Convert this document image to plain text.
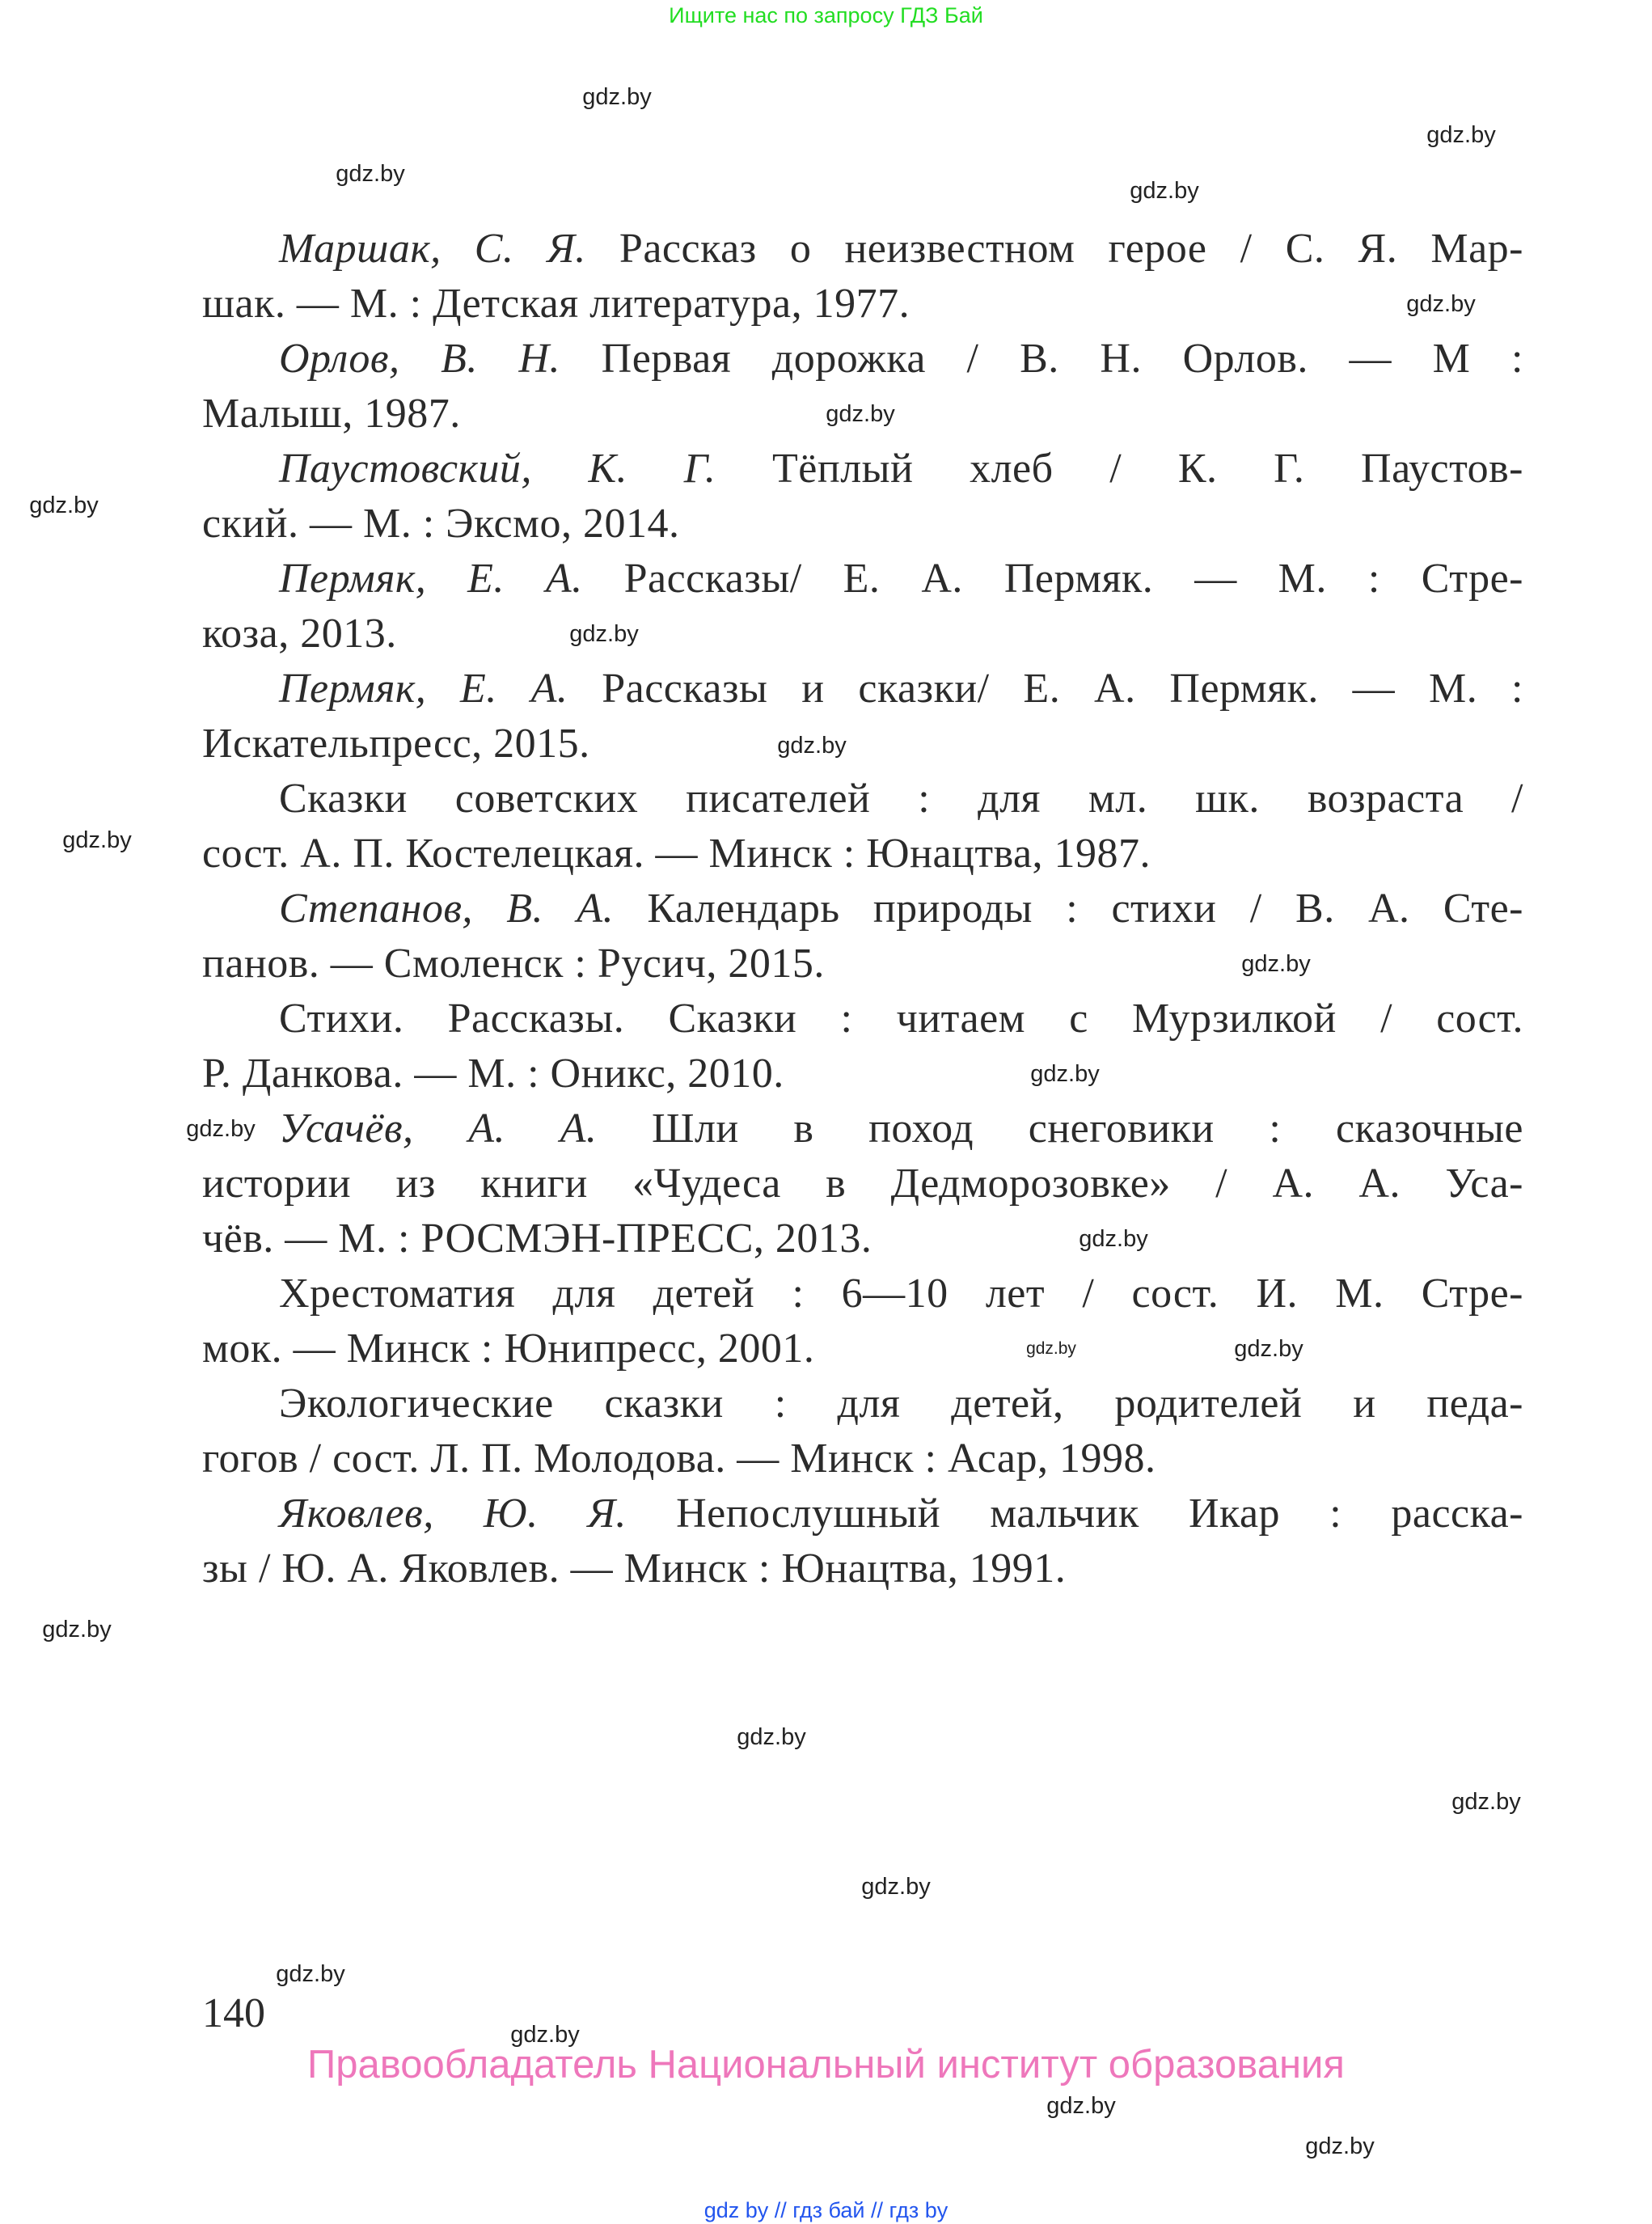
Ищите нас по запросу ГДЗ Бай
Маршак, С. Я. Рассказ о неизвестном герое / С. Я. Мар-
шак. — М. : Детская литература, 1977.
Орлов, В. Н. Первая дорожка / В. Н. Орлов. — М :
Малыш, 1987.
Паустовский, К. Г. Тёплый хлеб / К. Г. Паустов-
ский. — М. : Эксмо, 2014.
Пермяк, Е. А. Рассказы/ Е. А. Пермяк. — М. : Стре-
коза, 2013.
Пермяк, Е. А. Рассказы и сказки/ Е. А. Пермяк. — М. :
Искательпресс, 2015.
Сказки советских писателей : для мл. шк. возраста /
сост. А. П. Костелецкая. — Минск : Юнацтва, 1987.
Степанов, В. А. Календарь природы : стихи / В. А. Сте-
панов. — Смоленск : Русич, 2015.
Стихи. Рассказы. Сказки : читаем с Мурзилкой / сост.
Р. Данкова. — М. : Оникс, 2010.
Усачёв, А. А. Шли в поход снеговики : сказочные
истории из книги «Чудеса в Дедморозовке» / А. А. Уса-
чёв. — М. : РОСМЭН-ПРЕСС, 2013.
Хрестоматия для детей : 6—10 лет / сост. И. М. Стре-
мок. — Минск : Юнипресс, 2001.
Экологические сказки : для детей, родителей и педа-
гогов / сост. Л. П. Молодова. — Минск : Асар, 1998.
Яковлев, Ю. Я. Непослушный мальчик Икар : расска-
зы / Ю. А. Яковлев. — Минск : Юнацтва, 1991.
gdz.by
gdz.by
gdz.by
gdz.by
gdz.by
gdz.by
gdz.by
gdz.by
gdz.by
gdz.by
gdz.by
gdz.by
gdz.by
gdz.by
gdz.by	gdz.by
gdz.by
gdz.by
gdz.by
gdz.by
gdz.by
gdz.by
gdz.by
gdz.by
140
Правообладатель Национальный институт образования
gdz by // гдз бай // гдз by
